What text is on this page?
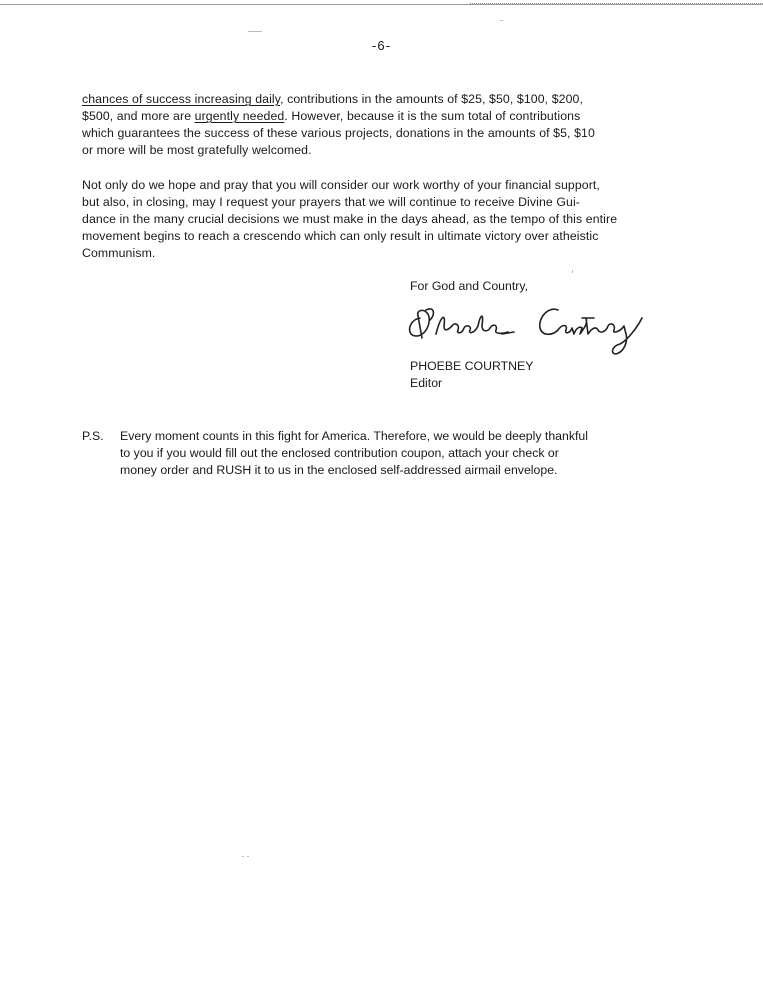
-6-

chances of success increasing daily, contributions in the amounts of $25, $50, $100, $200,
$500, and more are urgently needed. However, because it is the sum total of contributions
which guarantees the success of these various projects, donations in the amounts of $5, $10
or more will be most gratefully welcomed.

Not only do we hope and pray that you will consider our work worthy of your financial support,
but also, in closing, may I request your prayers that we will continue to receive Divine Gui-
dance in the many crucial decisions we must make in the days ahead, as the tempo of this entire
movement begins to reach a crescendo which can only result in ultimate victory over atheistic
Communism.

For God and Country,
PHOEBE COURTNEY
Editor
P.S. Every moment counts in this fight for America. Therefore, we would be deeply thankful
to you if you would fill out the enclosed contribution coupon, attach your check or
money order and RUSH it to us in the enclosed self-addressed airmail envelope.
